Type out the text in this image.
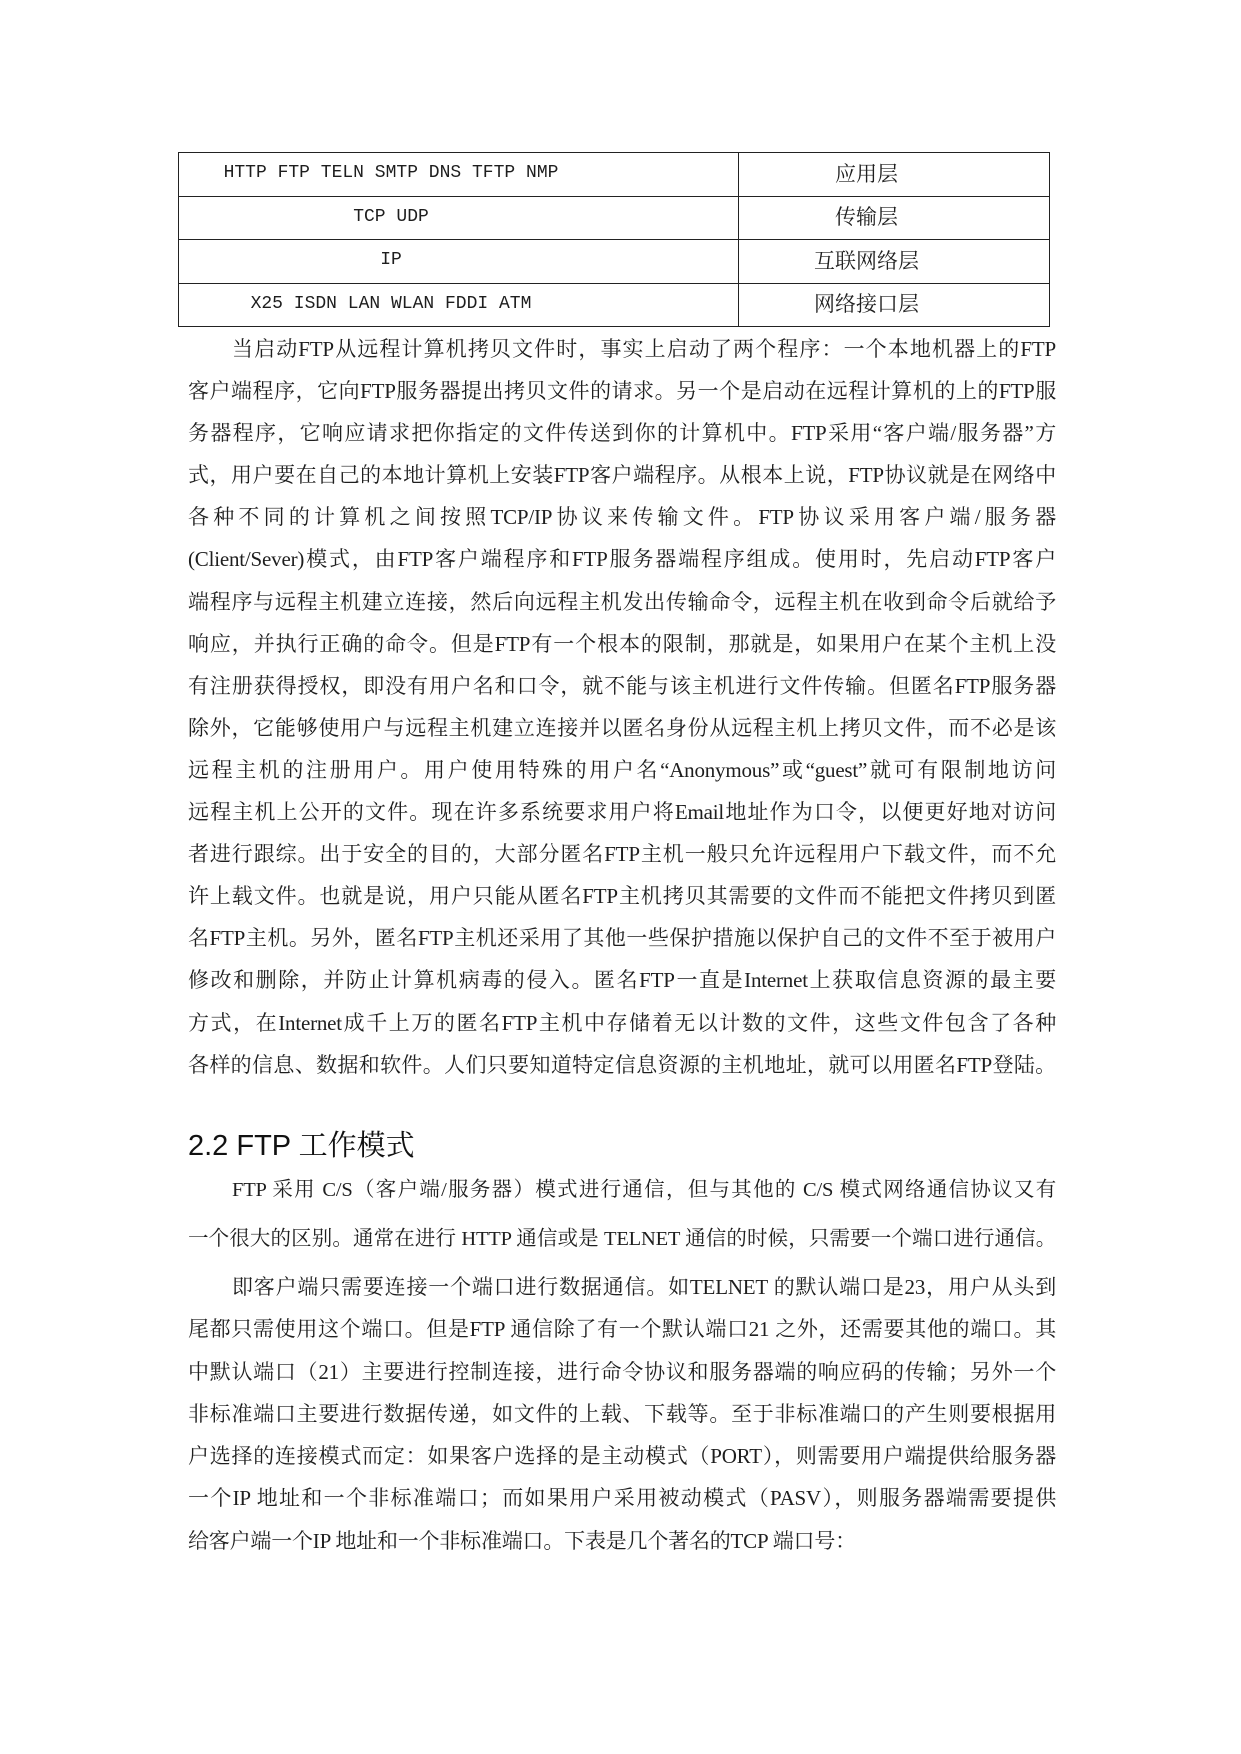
HTTP FTP TELN SMTP DNS TFTP NMP	应用层
TCP UDP	传输层
IP	互联网络层
X25 ISDN LAN WLAN FDDI ATM	网络接口层
当启动FTP从远程计算机拷贝文件时，事实上启动了两个程序：一个本地机器上的FTP
客户端程序，它向FTP服务器提出拷贝文件的请求。另一个是启动在远程计算机的上的FTP服
务器程序，它响应请求把你指定的文件传送到你的计算机中。FTP采用“客户端/服务器”方
式，用户要在自己的本地计算机上安装FTP客户端程序。从根本上说，FTP协议就是在网络中
各种不同的计算机之间按照TCP/IP协议来传输文件。FTP协议采用客户端/服务器
(Client/Sever)模式，由FTP客户端程序和FTP服务器端程序组成。使用时，先启动FTP客户
端程序与远程主机建立连接，然后向远程主机发出传输命令，远程主机在收到命令后就给予
响应，并执行正确的命令。但是FTP有一个根本的限制，那就是，如果用户在某个主机上没
有注册获得授权，即没有用户名和口令，就不能与该主机进行文件传输。但匿名FTP服务器
除外，它能够使用户与远程主机建立连接并以匿名身份从远程主机上拷贝文件，而不必是该
远程主机的注册用户。用户使用特殊的用户名“Anonymous”或“guest”就可有限制地访问
远程主机上公开的文件。现在许多系统要求用户将Email地址作为口令，以便更好地对访问
者进行跟综。出于安全的目的，大部分匿名FTP主机一般只允许远程用户下载文件，而不允
许上载文件。也就是说，用户只能从匿名FTP主机拷贝其需要的文件而不能把文件拷贝到匿
名FTP主机。另外，匿名FTP主机还采用了其他一些保护措施以保护自己的文件不至于被用户
修改和删除，并防止计算机病毒的侵入。匿名FTP一直是Internet上获取信息资源的最主要
方式，在Internet成千上万的匿名FTP主机中存储着无以计数的文件，这些文件包含了各种
各样的信息、数据和软件。人们只要知道特定信息资源的主机地址，就可以用匿名FTP登陆。
2.2 FTP 工作模式
FTP 采用 C/S（客户端/服务器）模式进行通信，但与其他的 C/S 模式网络通信协议又有
一个很大的区别。通常在进行 HTTP 通信或是 TELNET 通信的时候，只需要一个端口进行通信。
即客户端只需要连接一个端口进行数据通信。如TELNET 的默认端口是23，用户从头到
尾都只需使用这个端口。但是FTP 通信除了有一个默认端口21 之外，还需要其他的端口。其
中默认端口（21）主要进行控制连接，进行命令协议和服务器端的响应码的传输；另外一个
非标准端口主要进行数据传递，如文件的上载、下载等。至于非标准端口的产生则要根据用
户选择的连接模式而定：如果客户选择的是主动模式（PORT），则需要用户端提供给服务器
一个IP 地址和一个非标准端口；而如果用户采用被动模式（PASV），则服务器端需要提供
给客户端一个IP 地址和一个非标准端口。下表是几个著名的TCP 端口号：
